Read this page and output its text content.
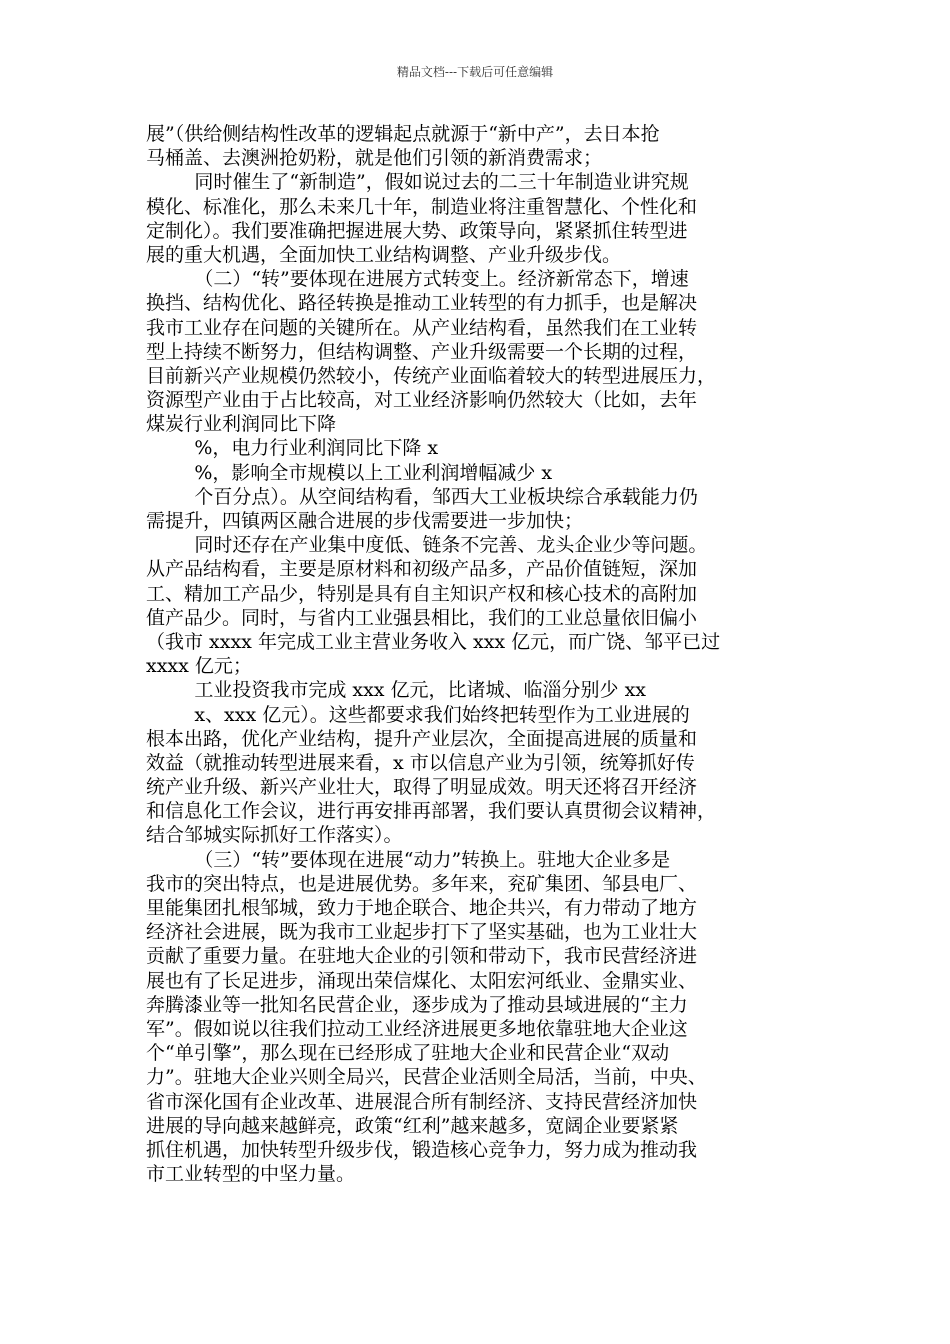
精品文档---下载后可任意编辑
展”（供给侧结构性改革的逻辑起点就源于“新中产”，去日本抢
马桶盖、去澳洲抢奶粉，就是他们引领的新消费需求；
同时催生了“新制造”，假如说过去的二三十年制造业讲究规
模化、标准化，那么未来几十年，制造业将注重智慧化、个性化和
定制化）。我们要准确把握进展大势、政策导向，紧紧抓住转型进
展的重大机遇，全面加快工业结构调整、产业升级步伐。
（二）“转”要体现在进展方式转变上。经济新常态下，增速
换挡、结构优化、路径转换是推动工业转型的有力抓手，也是解决
我市工业存在问题的关键所在。从产业结构看，虽然我们在工业转
型上持续不断努力，但结构调整、产业升级需要一个长期的过程，
目前新兴产业规模仍然较小，传统产业面临着较大的转型进展压力，
资源型产业由于占比较高，对工业经济影响仍然较大（比如，去年
煤炭行业利润同比下降
%，电力行业利润同比下降 x
%，影响全市规模以上工业利润增幅减少 x
个百分点）。从空间结构看，邹西大工业板块综合承载能力仍
需提升，四镇两区融合进展的步伐需要进一步加快；
同时还存在产业集中度低、链条不完善、龙头企业少等问题。
从产品结构看，主要是原材料和初级产品多，产品价值链短，深加
工、精加工产品少，特别是具有自主知识产权和核心技术的高附加
值产品少。同时，与省内工业强县相比，我们的工业总量依旧偏小
（我市 xxxx 年完成工业主营业务收入 xxx 亿元，而广饶、邹平已过
xxxx 亿元；
工业投资我市完成 xxx 亿元，比诸城、临淄分别少 xx
x、xxx 亿元）。这些都要求我们始终把转型作为工业进展的
根本出路，优化产业结构，提升产业层次，全面提高进展的质量和
效益（就推动转型进展来看，x 市以信息产业为引领，统筹抓好传
统产业升级、新兴产业壮大，取得了明显成效。明天还将召开经济
和信息化工作会议，进行再安排再部署，我们要认真贯彻会议精神，
结合邹城实际抓好工作落实）。
（三）“转”要体现在进展“动力”转换上。驻地大企业多是
我市的突出特点，也是进展优势。多年来，兖矿集团、邹县电厂、
里能集团扎根邹城，致力于地企联合、地企共兴，有力带动了地方
经济社会进展，既为我市工业起步打下了坚实基础，也为工业壮大
贡献了重要力量。在驻地大企业的引领和带动下，我市民营经济进
展也有了长足进步，涌现出荣信煤化、太阳宏河纸业、金鼎实业、
奔腾漆业等一批知名民营企业，逐步成为了推动县域进展的“主力
军”。假如说以往我们拉动工业经济进展更多地依靠驻地大企业这
个“单引擎”，那么现在已经形成了驻地大企业和民营企业“双动
力”。驻地大企业兴则全局兴，民营企业活则全局活，当前，中央、
省市深化国有企业改革、进展混合所有制经济、支持民营经济加快
进展的导向越来越鲜亮，政策“红利”越来越多，宽阔企业要紧紧
抓住机遇，加快转型升级步伐，锻造核心竞争力，努力成为推动我
市工业转型的中坚力量。
